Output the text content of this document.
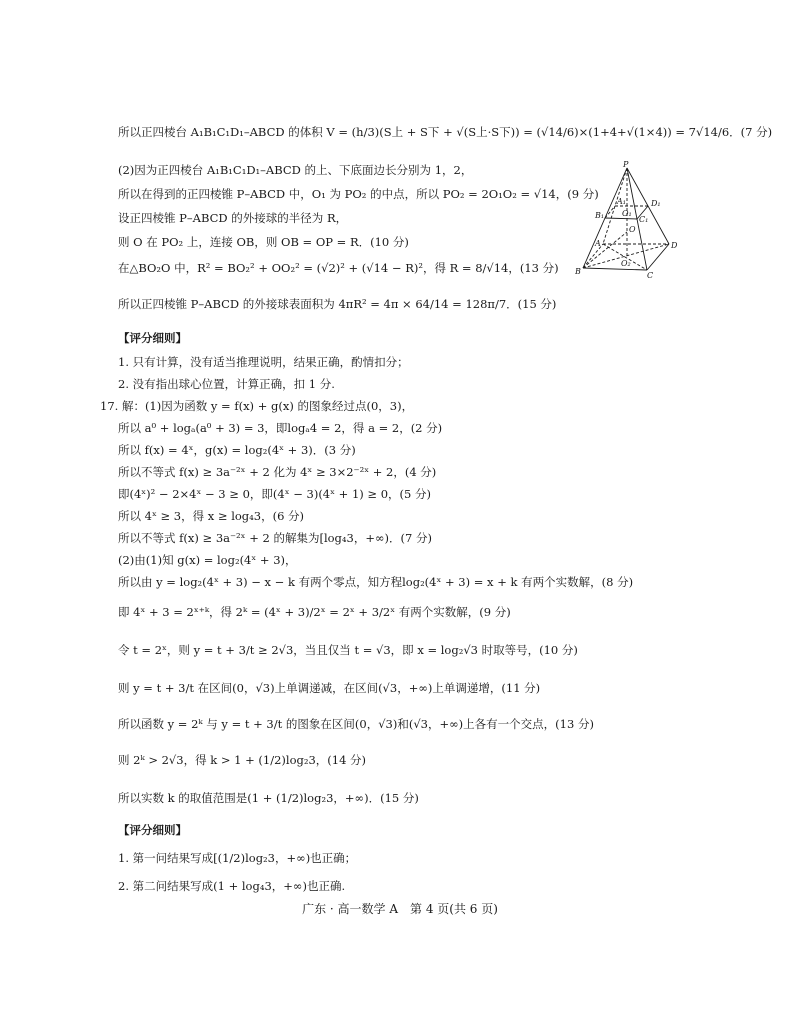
所以正四棱台 A₁B₁C₁D₁–ABCD 的体积 V = (h/3)(S上 + S下 + √(S上·S下)) = (√14/6)×(1+4+√(1×4)) = 7√14/6．(7 分)
(2)因为正四棱台 A₁B₁C₁D₁–ABCD 的上、下底面边长分别为 1，2，
所以在得到的正四棱锥 P–ABCD 中，O₁ 为 PO₂ 的中点，所以 PO₂ = 2O₁O₂ = √14，(9 分)
设正四棱锥 P–ABCD 的外接球的半径为 R，
则 O 在 PO₂ 上，连接 OB，则 OB = OP = R．(10 分)
在△BO₂O 中，R² = BO₂² + OO₂² = (√2)² + (√14 − R)²，得 R = 8/√14，(13 分)
所以正四棱锥 P–ABCD 的外接球表面积为 4πR² = 4π × 64/14 = 128π/7．(15 分)
【评分细则】
1. 只有计算，没有适当推理说明，结果正确，酌情扣分；
2. 没有指出球心位置，计算正确，扣 1 分.
17. 解：(1)因为函数 y = f(x) + g(x) 的图象经过点(0，3)，
所以 a⁰ + logₐ(a⁰ + 3) = 3，即logₐ4 = 2，得 a = 2，(2 分)
所以 f(x) = 4ˣ，g(x) = log₂(4ˣ + 3)．(3 分)
所以不等式 f(x) ≥ 3a⁻²ˣ + 2 化为 4ˣ ≥ 3×2⁻²ˣ + 2，(4 分)
即(4ˣ)² − 2×4ˣ − 3 ≥ 0，即(4ˣ − 3)(4ˣ + 1) ≥ 0，(5 分)
所以 4ˣ ≥ 3，得 x ≥ log₄3，(6 分)
所以不等式 f(x) ≥ 3a⁻²ˣ + 2 的解集为[log₄3，+∞)．(7 分)
(2)由(1)知 g(x) = log₂(4ˣ + 3)，
所以由 y = log₂(4ˣ + 3) − x − k 有两个零点，知方程log₂(4ˣ + 3) = x + k 有两个实数解，(8 分)
即 4ˣ + 3 = 2ˣ⁺ᵏ，得 2ᵏ = (4ˣ + 3)/2ˣ = 2ˣ + 3/2ˣ 有两个实数解，(9 分)
令 t = 2ˣ，则 y = t + 3/t ≥ 2√3，当且仅当 t = √3，即 x = log₂√3 时取等号，(10 分)
则 y = t + 3/t 在区间(0，√3)上单调递减，在区间(√3，+∞)上单调递增，(11 分)
所以函数 y = 2ᵏ 与 y = t + 3/t 的图象在区间(0，√3)和(√3，+∞)上各有一个交点，(13 分)
则 2ᵏ > 2√3，得 k > 1 + (1/2)log₂3，(14 分)
所以实数 k 的取值范围是(1 + (1/2)log₂3，+∞)．(15 分)
【评分细则】
1. 第一问结果写成[(1/2)log₂3，+∞)也正确；
2. 第二问结果写成(1 + log₄3，+∞)也正确.
P
A₁
B₁ O₁
C₁
D₁
O
A
B
O₂
C
D
广东 · 高一数学 A　第 4 页(共 6 页)
